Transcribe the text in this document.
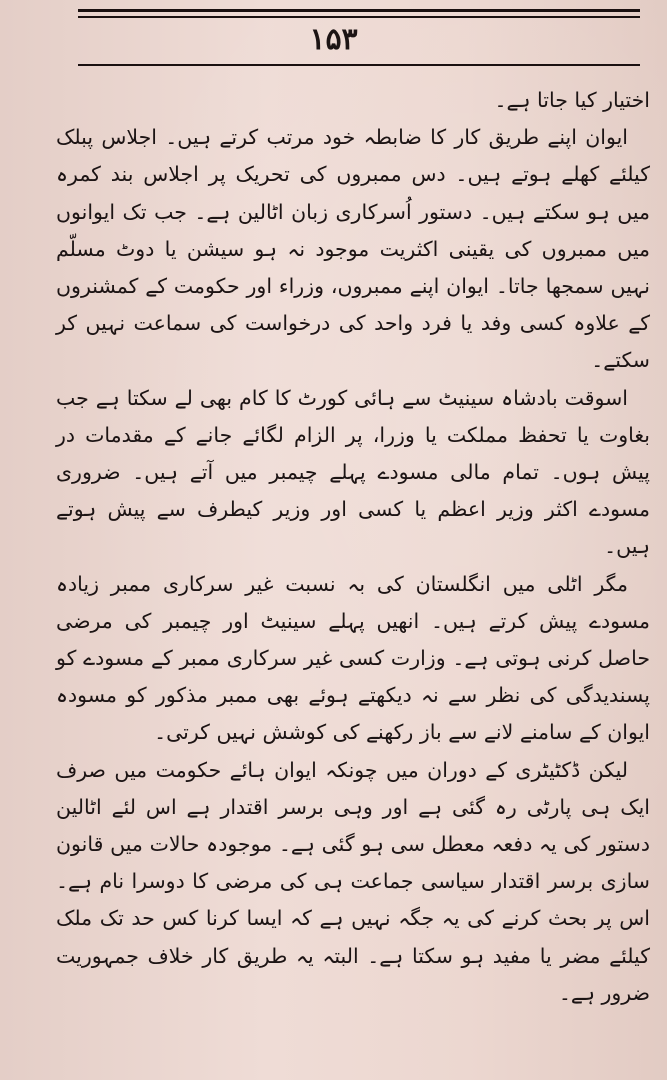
۱۵۳

اختیار کیا جاتا ہے۔

ایوان اپنے طریق کار کا ضابطہ خود مرتب کرتے ہیں۔ اجلاس پبلک کیلئے کھلے ہوتے ہیں۔ دس ممبروں کی تحریک پر اجلاس بند کمرہ میں ہو سکتے ہیں۔ دستور اُسرکاری زبان اٹالین ہے۔ جب تک ایوانوں میں ممبروں کی یقینی اکثریت موجود نہ ہو سیشن یا دوٹ مسلّم نہیں سمجھا جاتا۔ ایوان اپنے ممبروں، وزراء اور حکومت کے کمشنروں کے علاوہ کسی وفد یا فرد واحد کی درخواست کی سماعت نہیں کر سکتے۔

اسوقت بادشاہ سینیٹ سے ہائی کورٹ کا کام بھی لے سکتا ہے جب بغاوت یا تحفظ مملکت یا وزرا، پر الزام لگائے جانے کے مقدمات در پیش ہوں۔ تمام مالی مسودے پہلے چیمبر میں آتے ہیں۔ ضروری مسودے اکثر وزیر اعظم یا کسی اور وزیر کیطرف سے پیش ہوتے ہیں۔

مگر اٹلی میں انگلستان کی بہ نسبت غیر سرکاری ممبر زیادہ مسودے پیش کرتے ہیں۔ انھیں پہلے سینیٹ اور چیمبر کی مرضی حاصل کرنی ہوتی ہے۔ وزارت کسی غیر سرکاری ممبر کے مسودے کو پسندیدگی کی نظر سے نہ دیکھتے ہوئے بھی ممبر مذکور کو مسودہ ایوان کے سامنے لانے سے باز رکھنے کی کوشش نہیں کرتی۔

لیکن ڈکٹیٹری کے دوران میں چونکہ ایوان ہائے حکومت میں صرف ایک ہی پارٹی رہ گئی ہے اور وہی برسر اقتدار ہے اس لئے اٹالین دستور کی یہ دفعہ معطل سی ہو گئی ہے۔ موجودہ حالات میں قانون سازی برسر اقتدار سیاسی جماعت ہی کی مرضی کا دوسرا نام ہے۔ اس پر بحث کرنے کی یہ جگہ نہیں ہے کہ ایسا کرنا کس حد تک ملک کیلئے مضر یا مفید ہو سکتا ہے۔ البتہ یہ طریق کار خلاف جمہوریت ضرور ہے۔
